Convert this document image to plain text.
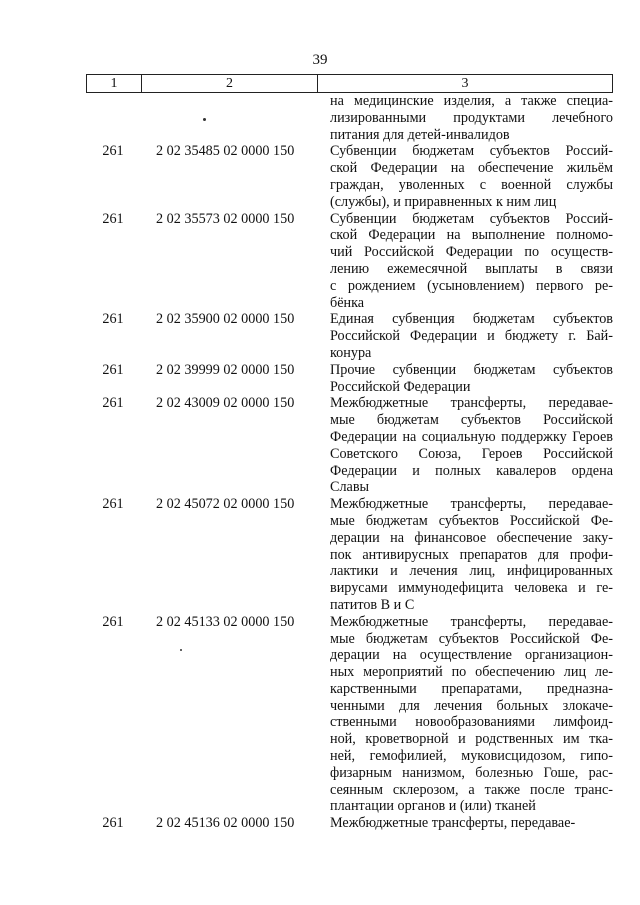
39
1	2	3
на медицинские изделия, а также специа-
лизированными продуктами лечебного
питания для детей-инвалидов
261	2 02 35485 02 0000 150	Субвенции бюджетам субъектов Россий-
ской Федерации на обеспечение жильём
граждан, уволенных с военной службы
(службы), и приравненных к ним лиц
261	2 02 35573 02 0000 150	Субвенции бюджетам субъектов Россий-
ской Федерации на выполнение полномо-
чий Российской Федерации по осуществ-
лению ежемесячной выплаты в связи
с рождением (усыновлением) первого ре-
бёнка
261	2 02 35900 02 0000 150	Единая субвенция бюджетам субъектов
Российской Федерации и бюджету г. Бай-
конура
261	2 02 39999 02 0000 150	Прочие субвенции бюджетам субъектов
Российской Федерации
261	2 02 43009 02 0000 150	Межбюджетные трансферты, передавае-
мые бюджетам субъектов Российской
Федерации на социальную поддержку Героев
Советского Союза, Героев Российской
Федерации и полных кавалеров ордена
Славы
261	2 02 45072 02 0000 150	Межбюджетные трансферты, передавае-
мые бюджетам субъектов Российской Фе-
дерации на финансовое обеспечение заку-
пок антивирусных препаратов для профи-
лактики и лечения лиц, инфицированных
вирусами иммунодефицита человека и ге-
патитов В и С
261	2 02 45133 02 0000 150	Межбюджетные трансферты, передавае-
мые бюджетам субъектов Российской Фе-
дерации на осуществление организацион-
ных мероприятий по обеспечению лиц ле-
карственными препаратами, предназна-
ченными для лечения больных злокаче-
ственными новообразованиями лимфоид-
ной, кроветворной и родственных им тка-
ней, гемофилией, муковисцидозом, гипо-
физарным нанизмом, болезнью Гоше, рас-
сеянным склерозом, а также после транс-
плантации органов и (или) тканей
261	2 02 45136 02 0000 150	Межбюджетные трансферты, передавае-
